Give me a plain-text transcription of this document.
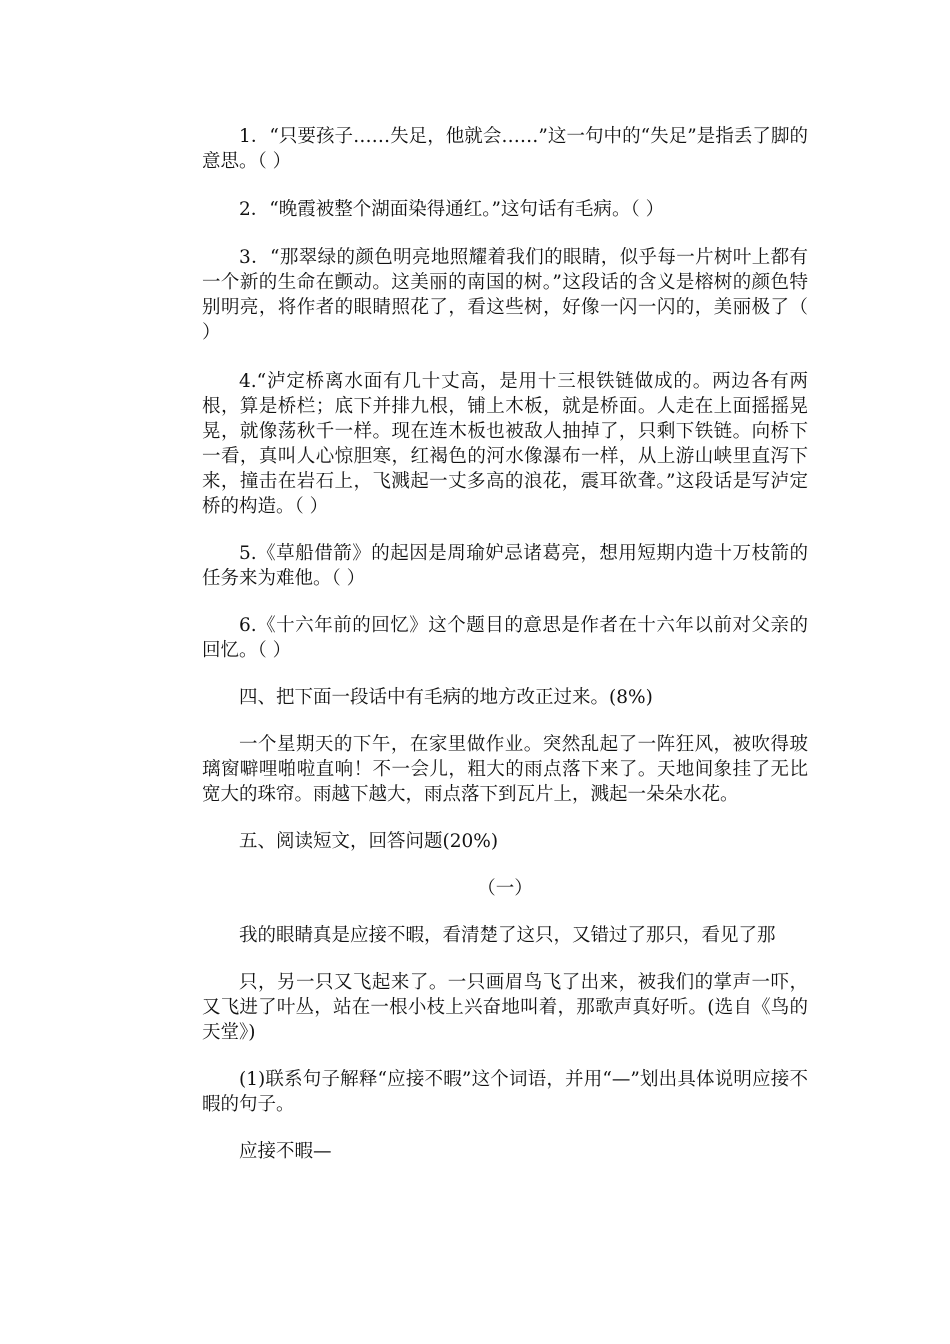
1．“只要孩子……失足，他就会……”这一句中的“失足”是指丢了脚的意思。（ ）

2．“晚霞被整个湖面染得通红。”这句话有毛病。（ ）

3．“那翠绿的颜色明亮地照耀着我们的眼睛，似乎每一片树叶上都有一个新的生命在颤动。这美丽的南国的树。”这段话的含义是榕树的颜色特别明亮，将作者的眼睛照花了，看这些树，好像一闪一闪的，美丽极了（ ）

4.“泸定桥离水面有几十丈高，是用十三根铁链做成的。两边各有两根，算是桥栏；底下并排九根，铺上木板，就是桥面。人走在上面摇摇晃晃，就像荡秋千一样。现在连木板也被敌人抽掉了，只剩下铁链。向桥下一看，真叫人心惊胆寒，红褐色的河水像瀑布一样，从上游山峡里直泻下来，撞击在岩石上，飞溅起一丈多高的浪花，震耳欲聋。”这段话是写泸定桥的构造。（ ）

5.《草船借箭》的起因是周瑜妒忌诸葛亮，想用短期内造十万枝箭的任务来为难他。（ ）

6.《十六年前的回忆》这个题目的意思是作者在十六年以前对父亲的回忆。（ ）

四、把下面一段话中有毛病的地方改正过来。(8%)

一个星期天的下午，在家里做作业。突然乱起了一阵狂风，被吹得玻璃窗噼哩啪啦直响！不一会儿，粗大的雨点落下来了。天地间象挂了无比宽大的珠帘。雨越下越大，雨点落下到瓦片上，溅起一朵朵水花。

五、阅读短文，回答问题(20%)

（一）

我的眼睛真是应接不暇，看清楚了这只，又错过了那只，看见了那

只，另一只又飞起来了。一只画眉鸟飞了出来，被我们的掌声一吓，又飞进了叶丛，站在一根小枝上兴奋地叫着，那歌声真好听。(选自《鸟的天堂》)

(1)联系句子解释“应接不暇”这个词语，并用“—”划出具体说明应接不暇的句子。

应接不暇—
